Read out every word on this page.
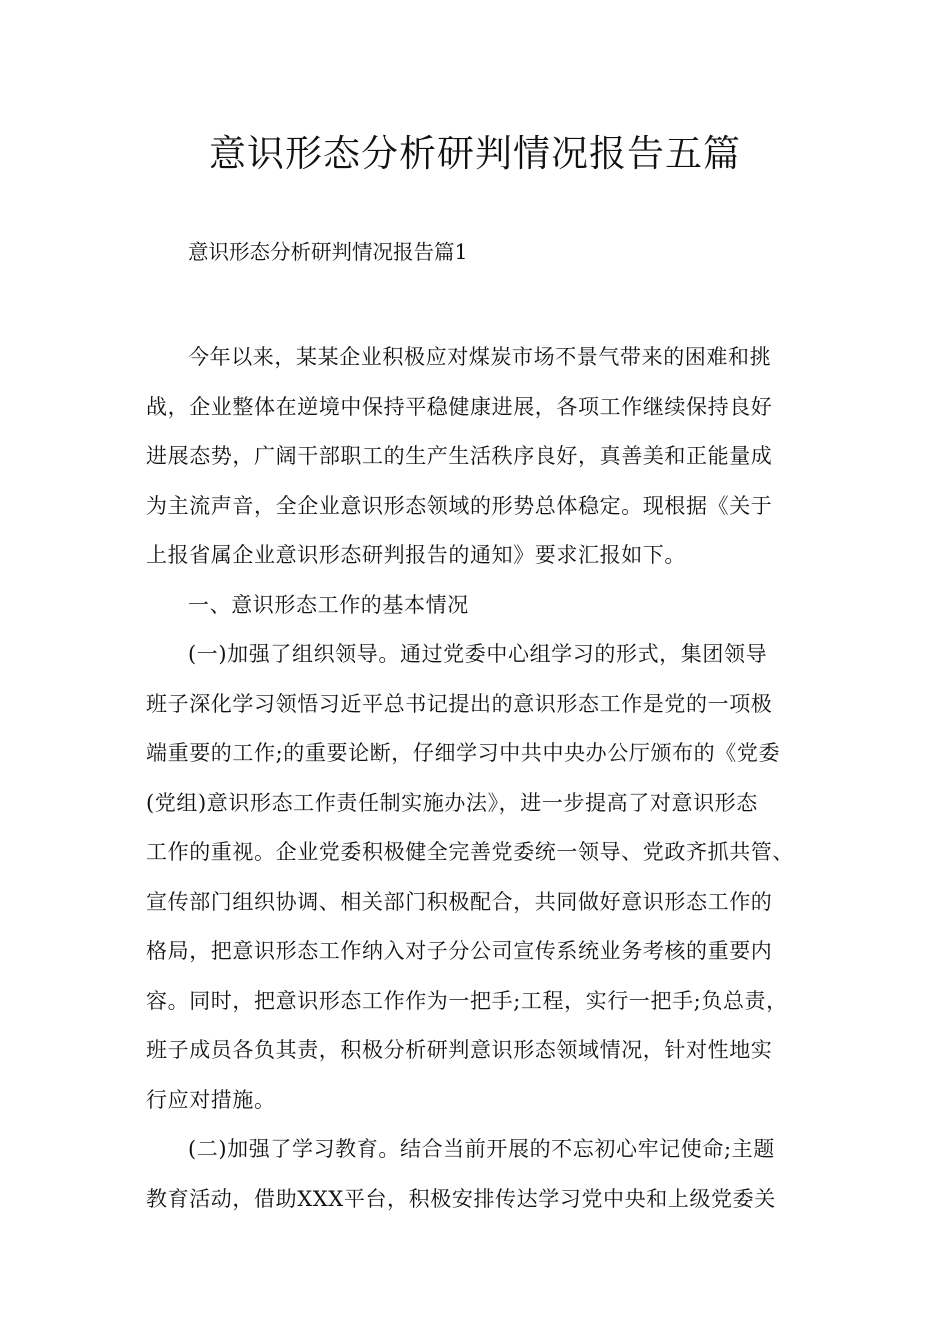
意识形态分析研判情况报告五篇

意识形态分析研判情况报告篇1

今年以来，某某企业积极应对煤炭市场不景气带来的困难和挑
战，企业整体在逆境中保持平稳健康进展，各项工作继续保持良好
进展态势，广阔干部职工的生产生活秩序良好，真善美和正能量成
为主流声音，全企业意识形态领域的形势总体稳定。现根据《关于
上报省属企业意识形态研判报告的通知》要求汇报如下。

一、意识形态工作的基本情况

(一)加强了组织领导。通过党委中心组学习的形式，集团领导
班子深化学习领悟习近平总书记提出的意识形态工作是党的一项极
端重要的工作;的重要论断，仔细学习中共中央办公厅颁布的《党委
(党组)意识形态工作责任制实施办法》，进一步提高了对意识形态
工作的重视。企业党委积极健全完善党委统一领导、党政齐抓共管、
宣传部门组织协调、相关部门积极配合，共同做好意识形态工作的
格局，把意识形态工作纳入对子分公司宣传系统业务考核的重要内
容。同时，把意识形态工作作为一把手;工程，实行一把手;负总责，
班子成员各负其责，积极分析研判意识形态领域情况，针对性地实
行应对措施。

(二)加强了学习教育。结合当前开展的不忘初心牢记使命;主题
教育活动，借助XXX平台，积极安排传达学习党中央和上级党委关
